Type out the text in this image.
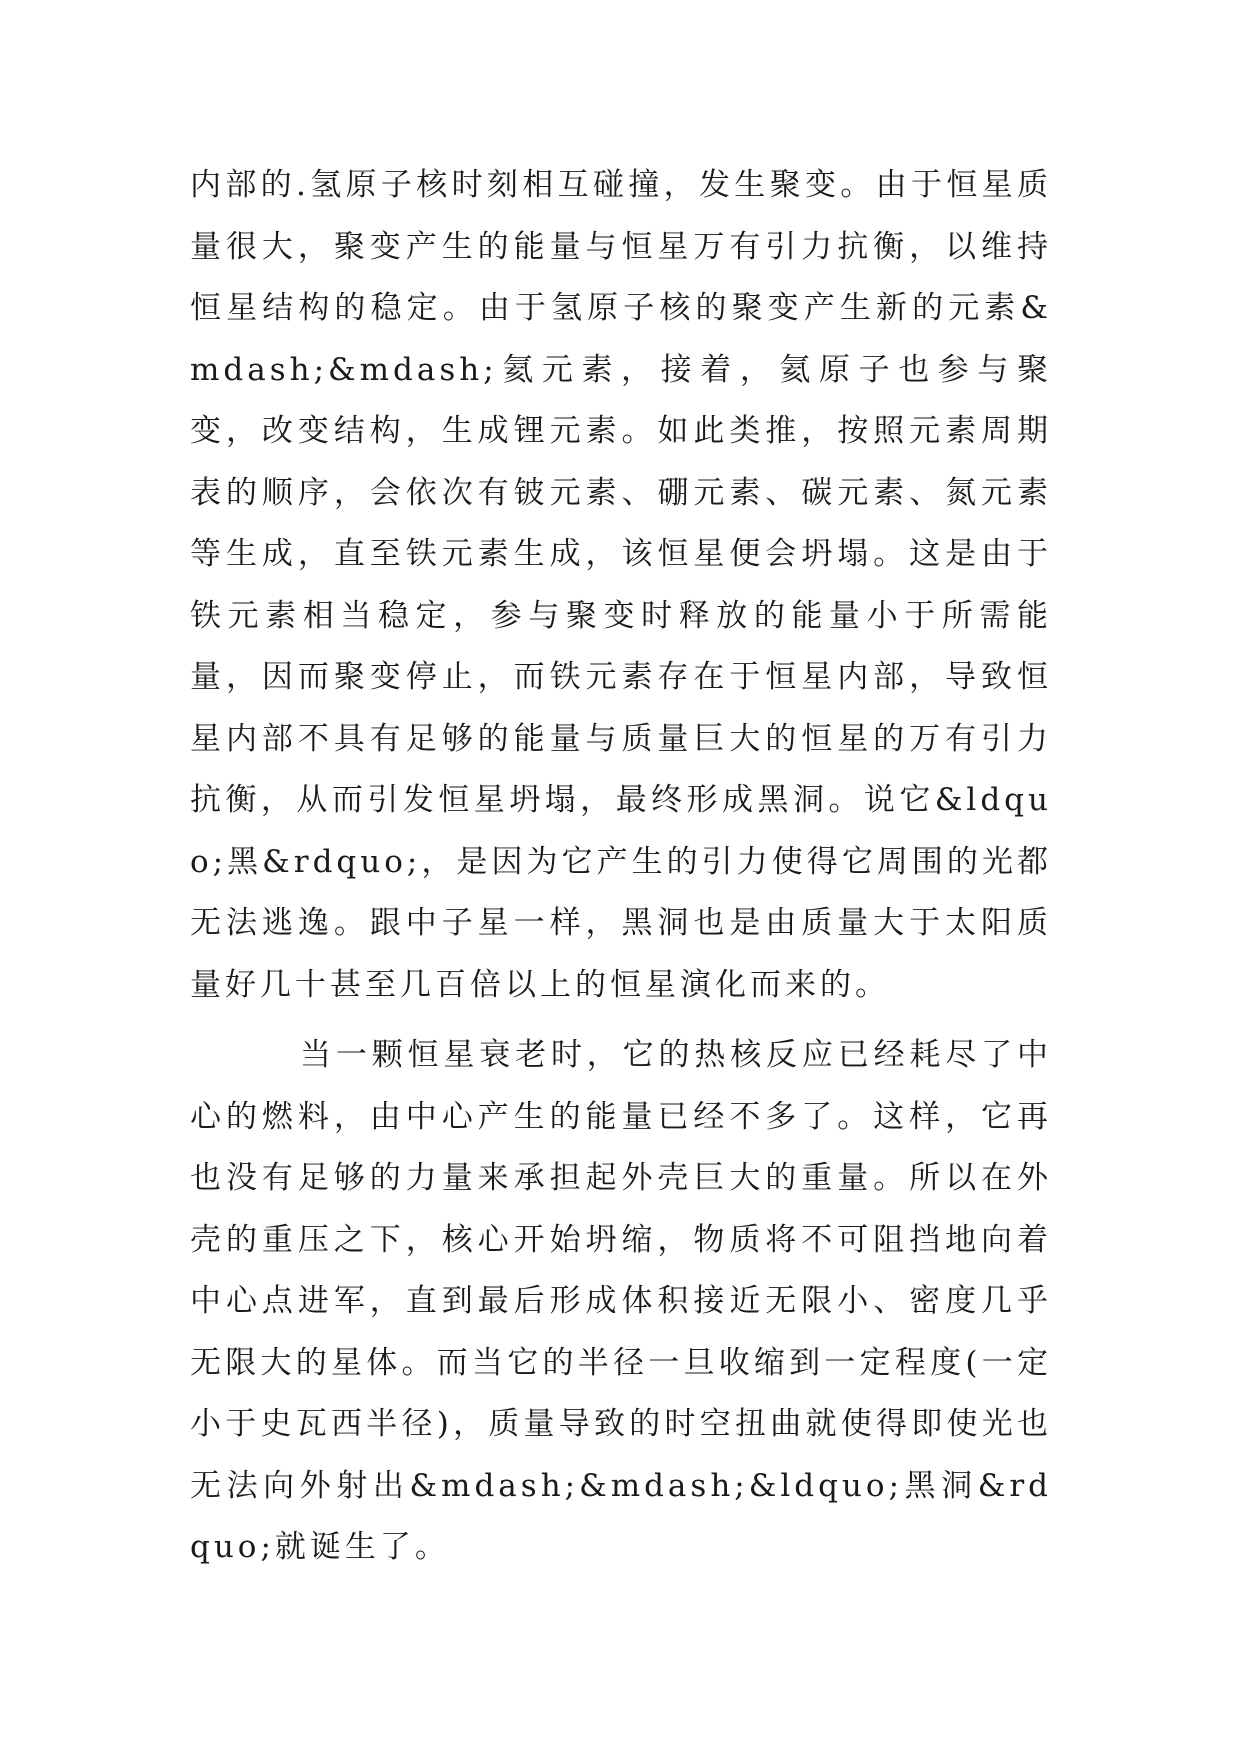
内部的.氢原子核时刻相互碰撞，发生聚变。由于恒星质量很大，聚变产生的能量与恒星万有引力抗衡，以维持恒星结构的稳定。由于氢原子核的聚变产生新的元素&mdash;&mdash;氦元素，接着，氦原子也参与聚变，改变结构，生成锂元素。如此类推，按照元素周期表的顺序，会依次有铍元素、硼元素、碳元素、氮元素等生成，直至铁元素生成，该恒星便会坍塌。这是由于铁元素相当稳定，参与聚变时释放的能量小于所需能量，因而聚变停止，而铁元素存在于恒星内部，导致恒星内部不具有足够的能量与质量巨大的恒星的万有引力抗衡，从而引发恒星坍塌，最终形成黑洞。说它&ldquo;黑&rdquo;，是因为它产生的引力使得它周围的光都无法逃逸。跟中子星一样，黑洞也是由质量大于太阳质量好几十甚至几百倍以上的恒星演化而来的。
当一颗恒星衰老时，它的热核反应已经耗尽了中心的燃料，由中心产生的能量已经不多了。这样，它再也没有足够的力量来承担起外壳巨大的重量。所以在外壳的重压之下，核心开始坍缩，物质将不可阻挡地向着中心点进军，直到最后形成体积接近无限小、密度几乎无限大的星体。而当它的半径一旦收缩到一定程度(一定小于史瓦西半径)，质量导致的时空扭曲就使得即使光也无法向外射出&mdash;&mdash;&ldquo;黑洞&rdquo;就诞生了。
